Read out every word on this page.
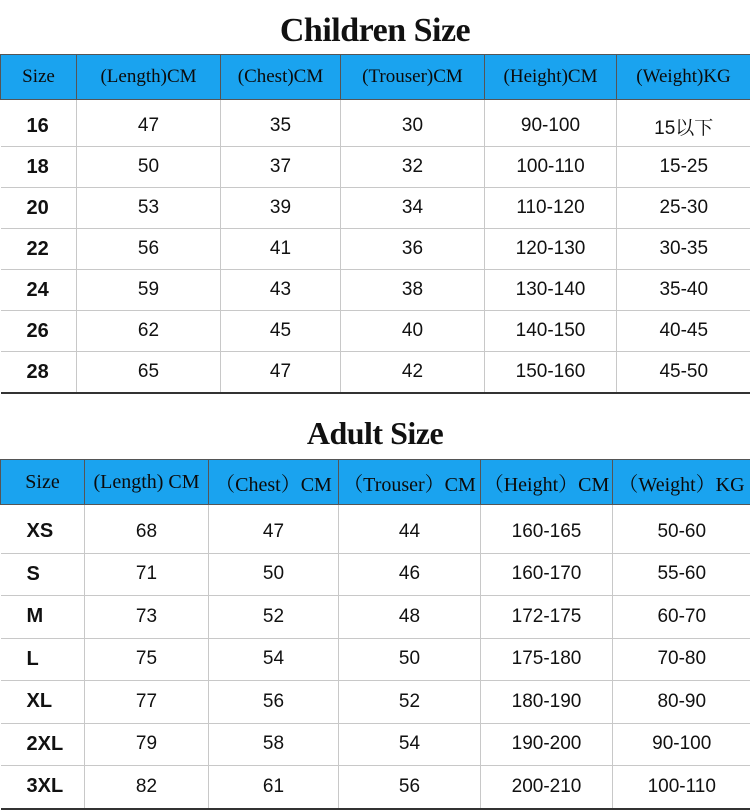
Children Size
Size	(Length)CM	(Chest)CM	(Trouser)CM	(Height)CM	(Weight)KG
16	47	35	30	90-100	15以下
18	50	37	32	100-110	15-25
20	53	39	34	110-120	25-30
22	56	41	36	120-130	30-35
24	59	43	38	130-140	35-40
26	62	45	40	140-150	40-45
28	65	47	42	150-160	45-50
Adult Size
Size	(Length) CM	（Chest）CM	（Trouser）CM	（Height）CM	（Weight）KG
XS	68	47	44	160-165	50-60
S	71	50	46	160-170	55-60
M	73	52	48	172-175	60-70
L	75	54	50	175-180	70-80
XL	77	56	52	180-190	80-90
2XL	79	58	54	190-200	90-100
3XL	82	61	56	200-210	100-110
